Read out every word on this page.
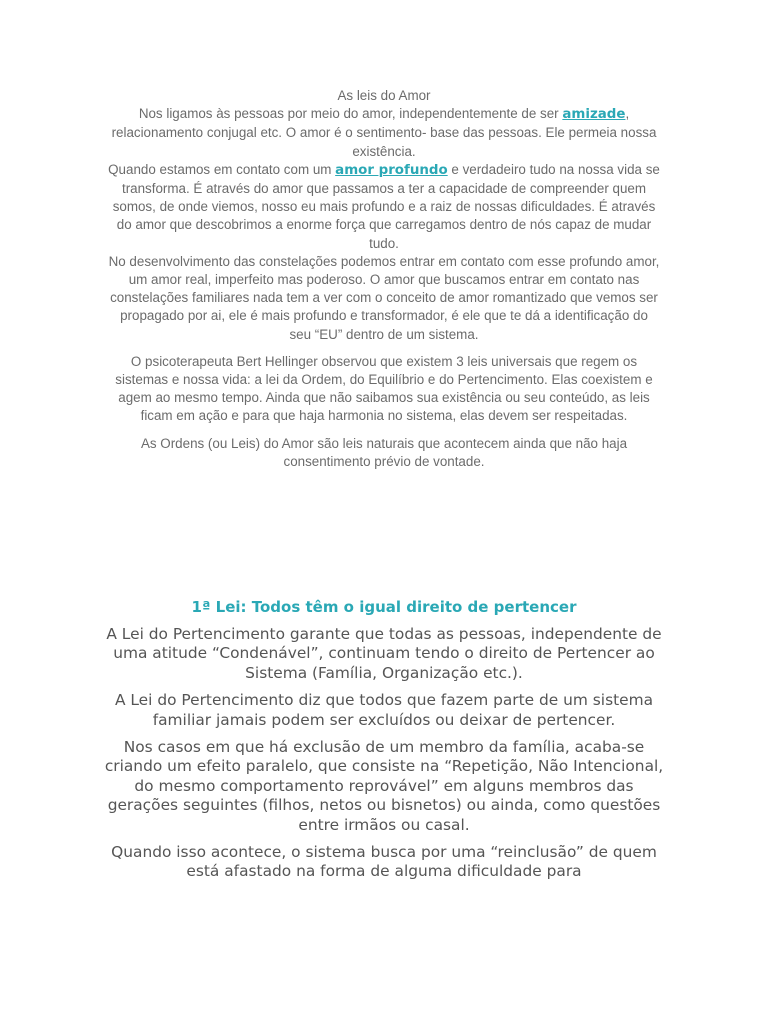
As leis do Amor
Nos ligamos às pessoas por meio do amor, independentemente de ser amizade, relacionamento conjugal etc. O amor é o sentimento- base das pessoas. Ele permeia nossa existência.
Quando estamos em contato com um amor profundo e verdadeiro tudo na nossa vida se transforma. É através do amor que passamos a ter a capacidade de compreender quem somos, de onde viemos, nosso eu mais profundo e a raiz de nossas dificuldades. É através do amor que descobrimos a enorme força que carregamos dentro de nós capaz de mudar tudo.
No desenvolvimento das constelações podemos entrar em contato com esse profundo amor, um amor real, imperfeito mas poderoso. O amor que buscamos entrar em contato nas constelações familiares nada tem a ver com o conceito de amor romantizado que vemos ser propagado por ai, ele é mais profundo e transformador, é ele que te dá a identificação do seu “EU” dentro de um sistema.

O psicoterapeuta Bert Hellinger observou que existem 3 leis universais que regem os sistemas e nossa vida: a lei da Ordem, do Equilíbrio e do Pertencimento. Elas coexistem e agem ao mesmo tempo. Ainda que não saibamos sua existência ou seu conteúdo, as leis ficam em ação e para que haja harmonia no sistema, elas devem ser respeitadas.

As Ordens (ou Leis) do Amor são leis naturais que acontecem ainda que não haja consentimento prévio de vontade.

1ª Lei: Todos têm o igual direito de pertencer

A Lei do Pertencimento garante que todas as pessoas, independente de uma atitude “Condenável”, continuam tendo o direito de Pertencer ao Sistema (Família, Organização etc.).

A Lei do Pertencimento diz que todos que fazem parte de um sistema familiar jamais podem ser excluídos ou deixar de pertencer.

Nos casos em que há exclusão de um membro da família, acaba-se criando um efeito paralelo, que consiste na “Repetição, Não Intencional, do mesmo comportamento reprovável” em alguns membros das gerações seguintes (filhos, netos ou bisnetos) ou ainda, como questões entre irmãos ou casal.

Quando isso acontece, o sistema busca por uma “reinclusão” de quem está afastado na forma de alguma dificuldade para
